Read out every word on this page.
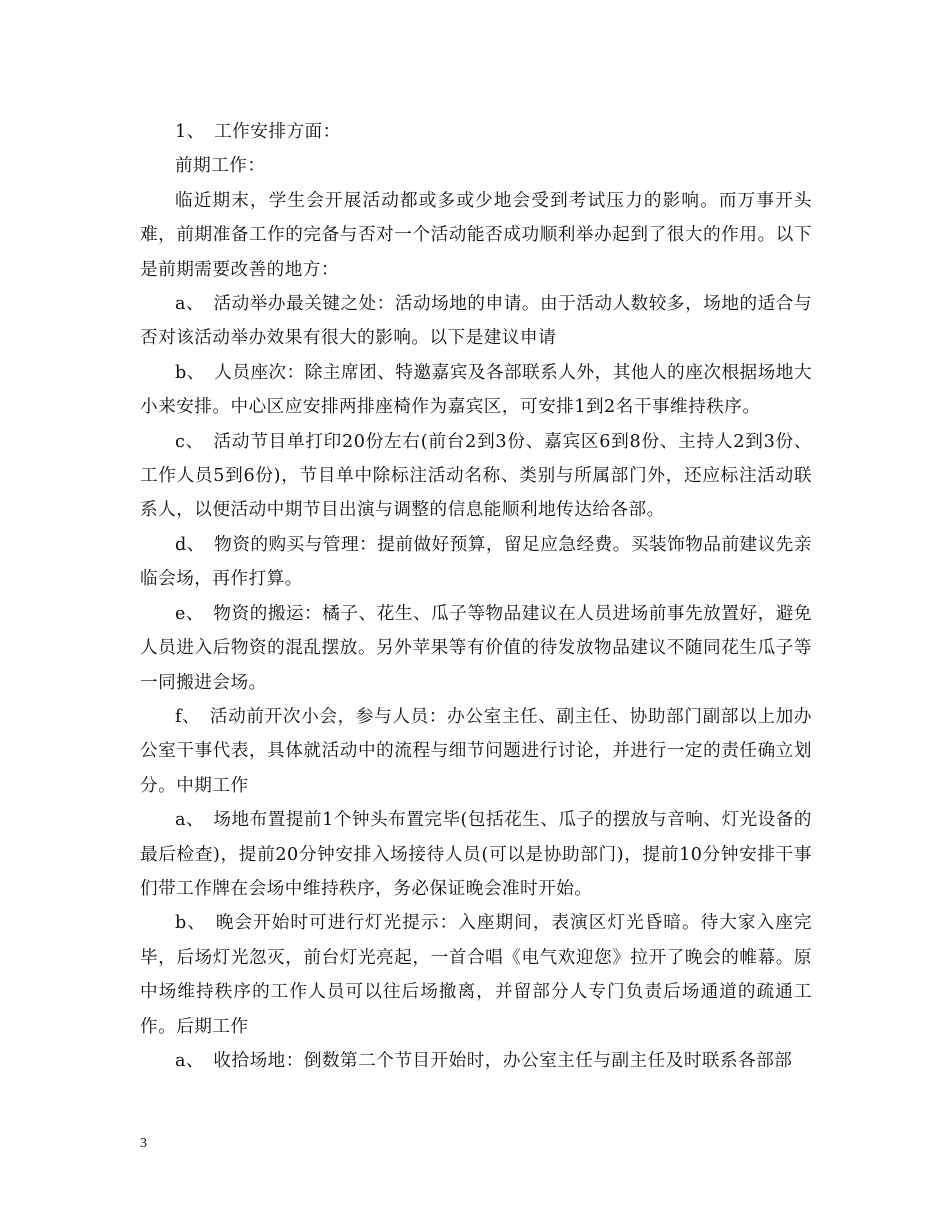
1、　工作安排方面：

前期工作：

临近期末，学生会开展活动都或多或少地会受到考试压力的影响。而万事开头难，前期准备工作的完备与否对一个活动能否成功顺利举办起到了很大的作用。以下是前期需要改善的地方：

a、　活动举办最关键之处：活动场地的申请。由于活动人数较多，场地的适合与否对该活动举办效果有很大的影响。以下是建议申请

b、　人员座次：除主席团、特邀嘉宾及各部联系人外，其他人的座次根据场地大小来安排。中心区应安排两排座椅作为嘉宾区，可安排1到2名干事维持秩序。

c、　活动节目单打印20份左右(前台2到3份、嘉宾区6到8份、主持人2到3份、工作人员5到6份)，节目单中除标注活动名称、类别与所属部门外，还应标注活动联系人，以便活动中期节目出演与调整的信息能顺利地传达给各部。

d、　物资的购买与管理：提前做好预算，留足应急经费。买装饰物品前建议先亲临会场，再作打算。

e、　物资的搬运：橘子、花生、瓜子等物品建议在人员进场前事先放置好，避免人员进入后物资的混乱摆放。另外苹果等有价值的待发放物品建议不随同花生瓜子等一同搬进会场。

f、　活动前开次小会，参与人员：办公室主任、副主任、协助部门副部以上加办公室干事代表，具体就活动中的流程与细节问题进行讨论，并进行一定的责任确立划分。中期工作

a、　场地布置提前1个钟头布置完毕(包括花生、瓜子的摆放与音响、灯光设备的最后检查)，提前20分钟安排入场接待人员(可以是协助部门)，提前10分钟安排干事们带工作牌在会场中维持秩序，务必保证晚会准时开始。

b、　晚会开始时可进行灯光提示：入座期间，表演区灯光昏暗。待大家入座完毕，后场灯光忽灭，前台灯光亮起，一首合唱《电气欢迎您》拉开了晚会的帷幕。原中场维持秩序的工作人员可以往后场撤离，并留部分人专门负责后场通道的疏通工作。后期工作

a、　收拾场地：倒数第二个节目开始时，办公室主任与副主任及时联系各部部

3
